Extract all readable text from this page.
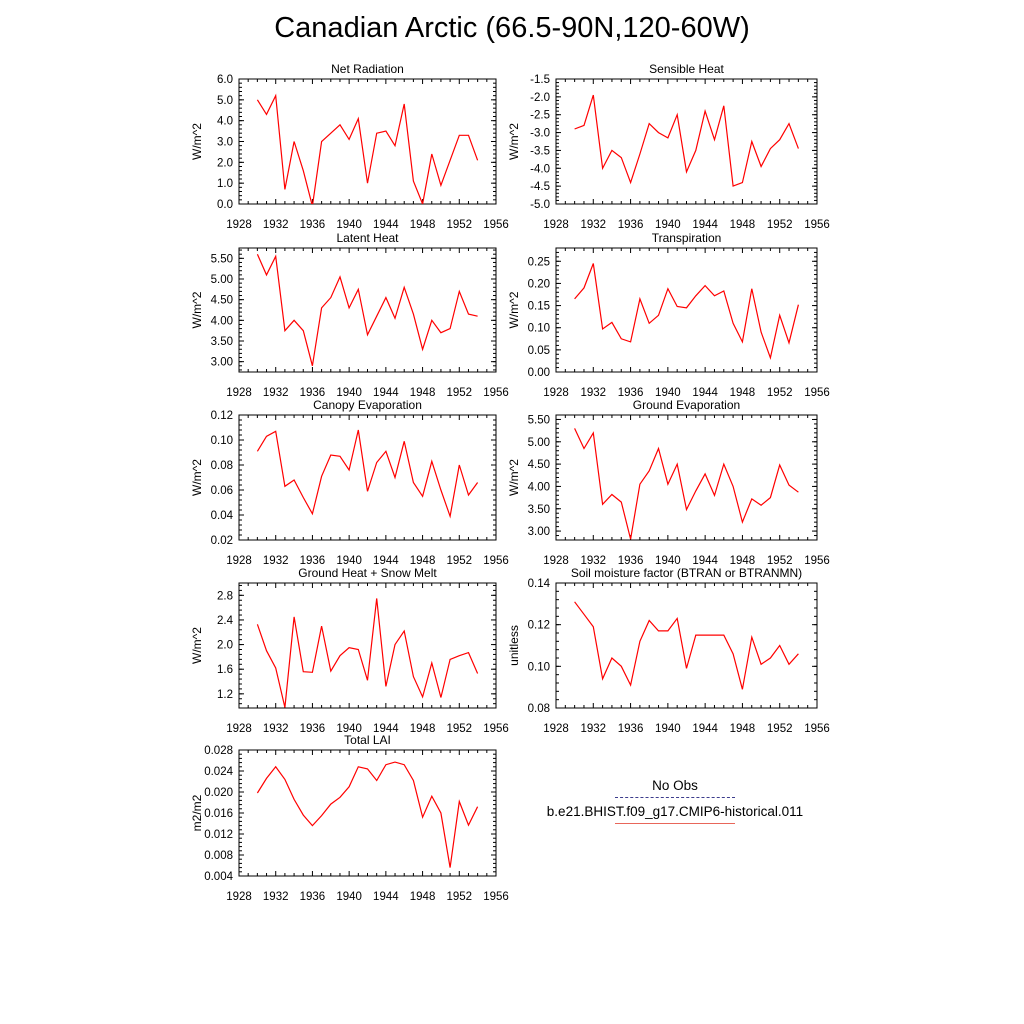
Canadian Arctic (66.5-90N,120-60W)
1928 1932 1936 1940 1944 1948 1952 1956
0.0
1.0
2.0
3.0
4.0
5.0
6.0
Net Radiation
W/m^2
1928 1932 1936 1940 1944 1948 1952 1956
-5.0
-4.5
-4.0
-3.5
-3.0
-2.5
-2.0
-1.5
Sensible Heat
W/m^2
1928 1932 1936 1940 1944 1948 1952 1956
3.00
3.50
4.00
4.50
5.00
5.50
Latent Heat
W/m^2
1928 1932 1936 1940 1944 1948 1952 1956
0.00
0.05
0.10
0.15
0.20
0.25
Transpiration
W/m^2
1928 1932 1936 1940 1944 1948 1952 1956
0.02
0.04
0.06
0.08
0.10
0.12
Canopy Evaporation
W/m^2
1928 1932 1936 1940 1944 1948 1952 1956
3.00
3.50
4.00
4.50
5.00
5.50
Ground Evaporation
W/m^2
1928 1932 1936 1940 1944 1948 1952 1956
1.2
1.6
2.0
2.4
2.8
Ground Heat + Snow Melt
W/m^2
1928 1932 1936 1940 1944 1948 1952 1956
0.08
0.10
0.12
0.14
Soil moisture factor (BTRAN or BTRANMN)
unitless
1928 1932 1936 1940 1944 1948 1952 1956
0.004
0.008
0.012
0.016
0.020
0.024
0.028
Total LAI
m2/m2
No Obs
b.e21.BHIST.f09_g17.CMIP6-historical.011
